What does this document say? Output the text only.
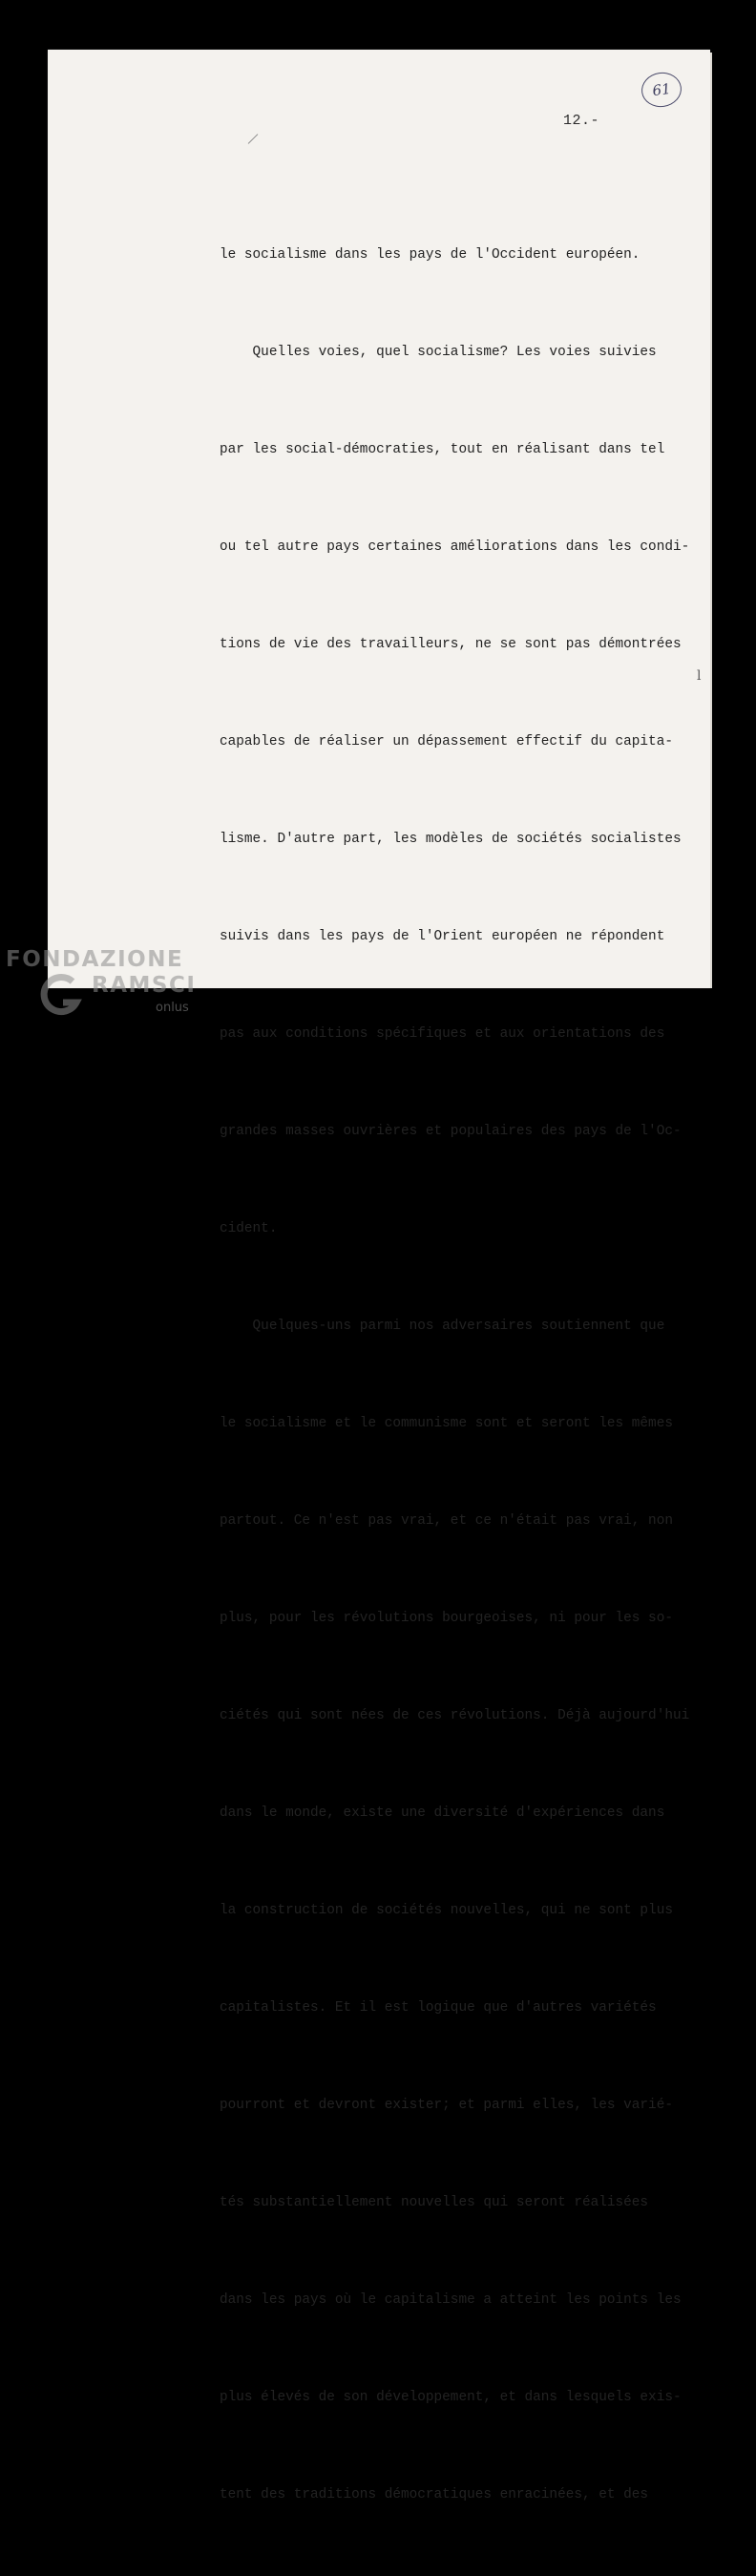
61
12.-

le socialisme dans les pays de l'Occident européen.

Quelles voies, quel socialisme? Les voies suivies

par les social-démocraties, tout en réalisant dans tel

ou tel autre pays certaines améliorations dans les condi-

tions de vie des travailleurs, ne se sont pas démontrées

capables de réaliser un dépassement effectif du capita-

lisme. D'autre part, les modèles de sociétés socialistes

suivis dans les pays de l'Orient européen ne répondent

pas aux conditions spécifiques et aux orientations des

grandes masses ouvrières et populaires des pays de l'Oc-

cident.

Quelques-uns parmi nos adversaires soutiennent que

le socialisme et le communisme sont et seront les mêmes

partout. Ce n'est pas vrai, et ce n'était pas vrai, non

plus, pour les révolutions bourgeoises, ni pour les so-

ciétés qui sont nées de ces révolutions. Déjà aujourd'hui

dans le monde, existe une diversité d'expériences dans

la construction de sociétés nouvelles, qui ne sont plus

capitalistes. Et il est logique que d'autres variétés

pourront et devront exister; et parmi elles, les varié-

tés substantiellement nouvelles qui seront réalisées

dans les pays où le capitalisme a atteint les points les

plus élevés de son développement, et dans lesquels exis-

tent des traditions démocratiques enracinées, et des

l
FONDAZIONE
RAMSCI
onlus
